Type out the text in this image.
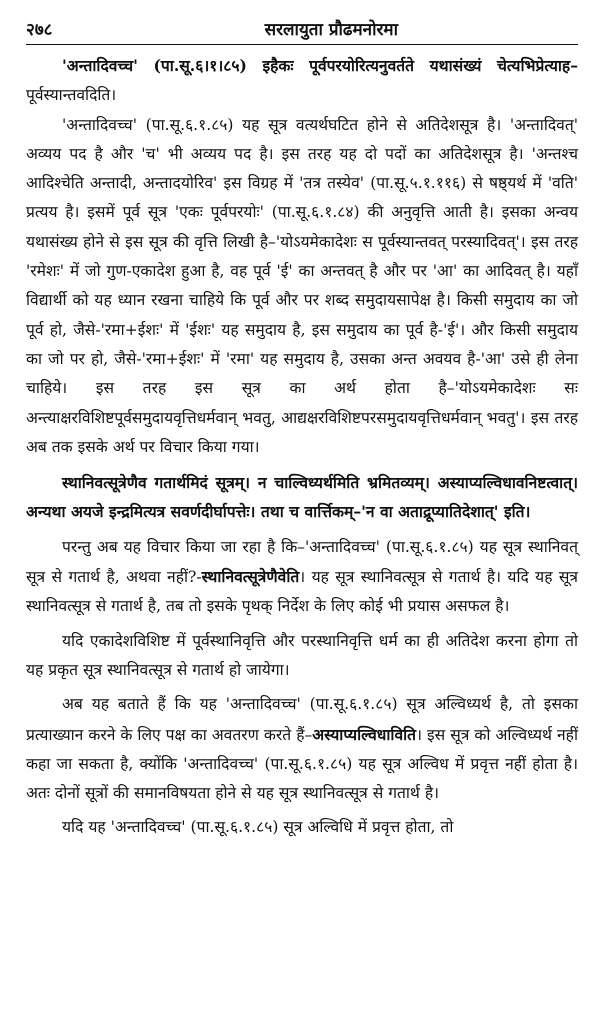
२७८	सरलायुता प्रौढमनोरमा

'अन्तादिवच्च' (पा.सू.६।१।८५) इहैकः पूर्वपरयोरित्यनुवर्तते यथासंख्यं चेत्यभिप्रेत्याह–पूर्वस्यान्तवदिति।

'अन्तादिवच्च' (पा.सू.६.१.८५) यह सूत्र वत्यर्थघटित होने से अतिदेशसूत्र है। 'अन्तादिवत्' अव्यय पद है और 'च' भी अव्यय पद है। इस तरह यह दो पदों का अतिदेशसूत्र है। 'अन्तश्च आदिश्चेति अन्तादी, अन्तादयोरिव' इस विग्रह में 'तत्र तस्येव' (पा.सू.५.१.११६) से षष्ठ्यर्थ में 'वति' प्रत्यय है। इसमें पूर्व सूत्र 'एकः पूर्वपरयोः' (पा.सू.६.१.८४) की अनुवृत्ति आती है। इसका अन्वय यथासंख्य होने से इस सूत्र की वृत्ति लिखी है–'योऽयमेकादेशः स पूर्वस्यान्तवत् परस्यादिवत्'। इस तरह 'रमेशः' में जो गुण-एकादेश हुआ है, वह पूर्व 'ई' का अन्तवत् है और पर 'आ' का आदिवत् है। यहाँ विद्यार्थी को यह ध्यान रखना चाहिये कि पूर्व और पर शब्द समुदायसापेक्ष है। किसी समुदाय का जो पूर्व हो, जैसे-'रमा+ईशः' में 'ईशः' यह समुदाय है, इस समुदाय का पूर्व है-'ई'। और किसी समुदाय का जो पर हो, जैसे-'रमा+ईशः' में 'रमा' यह समुदाय है, उसका अन्त अवयव है-'आ' उसे ही लेना चाहिये। इस तरह इस सूत्र का अर्थ होता है–'योऽयमेकादेशः सः अन्त्याक्षरविशिष्टपूर्वसमुदायवृत्तिधर्मवान् भवतु, आद्यक्षरविशिष्टपरसमुदायवृत्तिधर्मवान् भवतु'। इस तरह अब तक इसके अर्थ पर विचार किया गया।

स्थानिवत्सूत्रेणैव गतार्थमिदं सूत्रम्। न चाल्विध्यर्थमिति भ्रमितव्यम्। अस्याप्यल्विधावनिष्टत्वात्। अन्यथा अयजे इन्द्रमित्यत्र सवर्णदीर्घापत्तेः। तथा च वार्त्तिकम्–'न वा अताद्रूप्यातिदेशात्' इति।

परन्तु अब यह विचार किया जा रहा है कि–'अन्तादिवच्च' (पा.सू.६.१.८५) यह सूत्र स्थानिवत् सूत्र से गतार्थ है, अथवा नहीं?-स्थानिवत्सूत्रेणैवेति। यह सूत्र स्थानिवत्सूत्र से गतार्थ है। यदि यह सूत्र स्थानिवत्सूत्र से गतार्थ है, तब तो इसके पृथक् निर्देश के लिए कोई भी प्रयास असफल है।

यदि एकादेशविशिष्ट में पूर्वस्थानिवृत्ति और परस्थानिवृत्ति धर्म का ही अतिदेश करना होगा तो यह प्रकृत सूत्र स्थानिवत्सूत्र से गतार्थ हो जायेगा।

अब यह बताते हैं कि यह 'अन्तादिवच्च' (पा.सू.६.१.८५) सूत्र अल्विध्यर्थ है, तो इसका प्रत्याख्यान करने के लिए पक्ष का अवतरण करते हैं–अस्याप्यल्विधाविति। इस सूत्र को अल्विध्यर्थ नहीं कहा जा सकता है, क्योंकि 'अन्तादिवच्च' (पा.सू.६.१.८५) यह सूत्र अल्विध में प्रवृत्त नहीं होता है। अतः दोनों सूत्रों की समानविषयता होने से यह सूत्र स्थानिवत्सूत्र से गतार्थ है।

यदि यह 'अन्तादिवच्च' (पा.सू.६.१.८५) सूत्र अल्विधि में प्रवृत्त होता, तो
